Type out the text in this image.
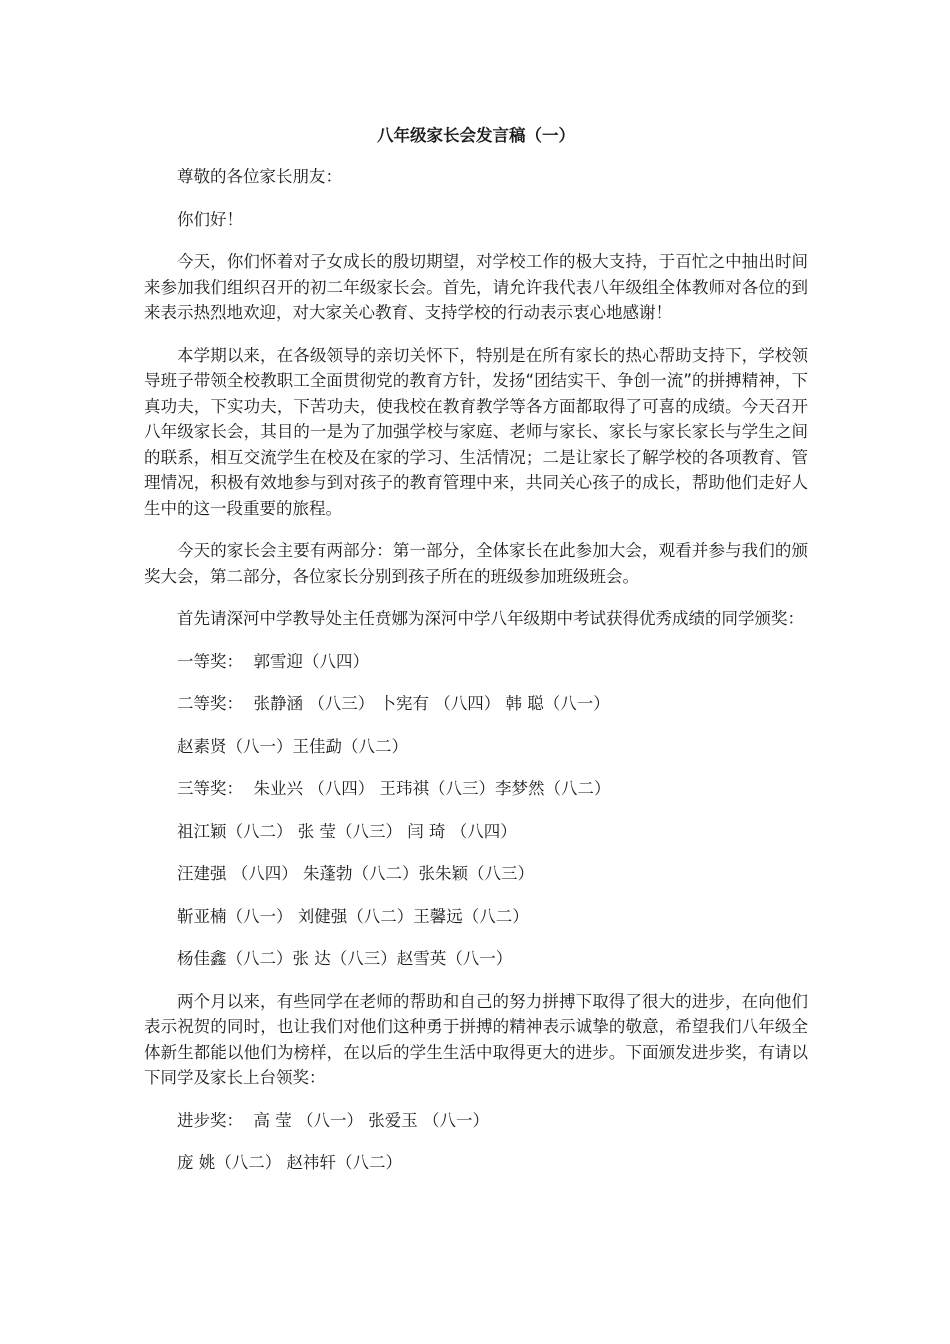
八年级家长会发言稿（一）
尊敬的各位家长朋友：
你们好！
今天，你们怀着对子女成长的殷切期望，对学校工作的极大支持，于百忙之中抽出时间来参加我们组织召开的初二年级家长会。首先，请允许我代表八年级组全体教师对各位的到来表示热烈地欢迎，对大家关心教育、支持学校的行动表示衷心地感谢！
本学期以来，在各级领导的亲切关怀下，特别是在所有家长的热心帮助支持下，学校领导班子带领全校教职工全面贯彻党的教育方针，发扬“团结实干、争创一流”的拼搏精神，下真功夫，下实功夫，下苦功夫，使我校在教育教学等各方面都取得了可喜的成绩。今天召开八年级家长会，其目的一是为了加强学校与家庭、老师与家长、家长与家长家长与学生之间的联系，相互交流学生在校及在家的学习、生活情况；二是让家长了解学校的各项教育、管理情况，积极有效地参与到对孩子的教育管理中来，共同关心孩子的成长，帮助他们走好人生中的这一段重要的旅程。
今天的家长会主要有两部分：第一部分，全体家长在此参加大会，观看并参与我们的颁奖大会，第二部分，各位家长分别到孩子所在的班级参加班级班会。
首先请深河中学教导处主任贲娜为深河中学八年级期中考试获得优秀成绩的同学颁奖：
一等奖：  郭雪迎（八四）
二等奖：  张静涵 （八三） 卜宪有 （八四） 韩 聪（八一）
赵素贤（八一）王佳勐（八二）
三等奖：  朱业兴 （八四） 王玮祺（八三）李梦然（八二）
祖江颖（八二） 张 莹（八三） 闫 琦 （八四）
汪建强 （八四） 朱蓬勃（八二）张朱颖（八三）
靳亚楠（八一） 刘健强（八二）王馨远（八二）
杨佳鑫（八二）张 达（八三）赵雪英（八一）
两个月以来，有些同学在老师的帮助和自己的努力拼搏下取得了很大的进步，在向他们表示祝贺的同时，也让我们对他们这种勇于拼搏的精神表示诚挚的敬意，希望我们八年级全体新生都能以他们为榜样，在以后的学生生活中取得更大的进步。下面颁发进步奖，有请以下同学及家长上台领奖：
进步奖：  高 莹 （八一） 张爱玉 （八一）
庞 姚（八二） 赵祎轩（八二）
